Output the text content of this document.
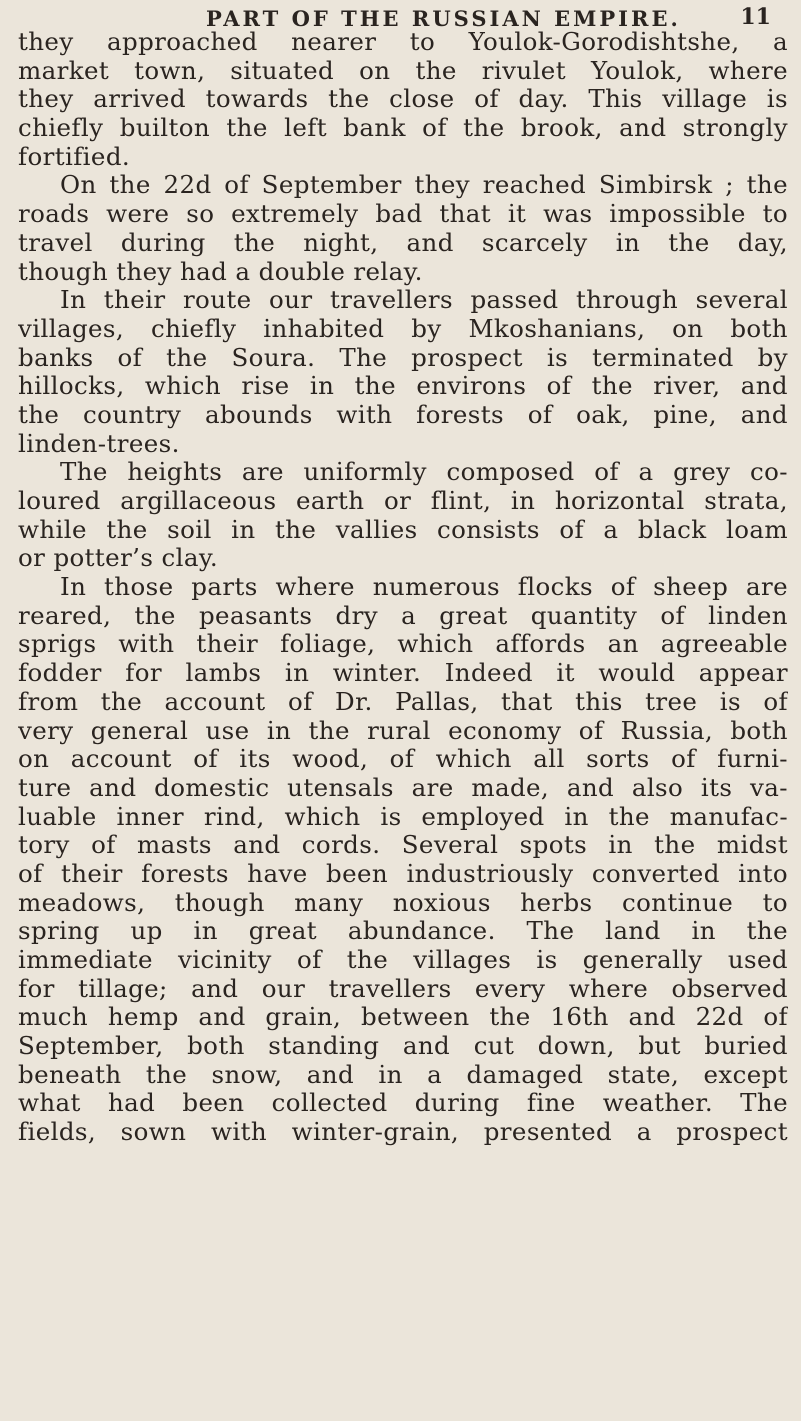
PART OF THE RUSSIAN EMPIRE.	11
they approached nearer to Youlok-Gorodishtshe, a
market town, situated on the rivulet Youlok, where
they arrived towards the close of day. This village is
chiefly builton the left bank of the brook, and strongly
fortified.
On the 22d of September they reached Simbirsk ; the
roads were so extremely bad that it was impossible to
travel during the night, and scarcely in the day,
though they had a double relay.
In their route our travellers passed through several
villages, chiefly inhabited by Mkoshanians, on both
banks of the Soura. The prospect is terminated by
hillocks, which rise in the environs of the river, and
the country abounds with forests of oak, pine, and
linden-trees.
The heights are uniformly composed of a grey co-
loured argillaceous earth or flint, in horizontal strata,
while the soil in the vallies consists of a black loam
or potter’s clay.
In those parts where numerous flocks of sheep are
reared, the peasants dry a great quantity of linden
sprigs with their foliage, which affords an agreeable
fodder for lambs in winter. Indeed it would appear
from the account of Dr. Pallas, that this tree is of
very general use in the rural economy of Russia, both
on account of its wood, of which all sorts of furni-
ture and domestic utensals are made, and also its va-
luable inner rind, which is employed in the manufac-
tory of masts and cords. Several spots in the midst
of their forests have been industriously converted into
meadows, though many noxious herbs continue to
spring up in great abundance. The land in the
immediate vicinity of the villages is generally used
for tillage; and our travellers every where observed
much hemp and grain, between the 16th and 22d of
September, both standing and cut down, but buried
beneath the snow, and in a damaged state, except
what had been collected during fine weather. The
fields, sown with winter-grain, presented a prospect
